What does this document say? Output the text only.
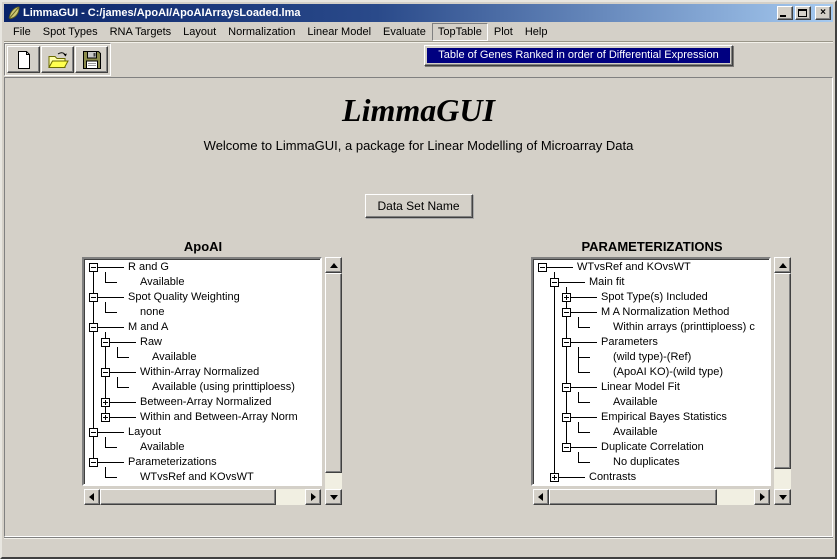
LimmaGUI - C:/james/ApoAI/ApoAIArraysLoaded.lma	×
File	Spot Types	RNA Targets	Layout	Normalization	Linear Model	Evaluate	TopTable	Plot	Help
LimmaGUI
Welcome to LimmaGUI, a package for Linear Modelling of Microarray Data
Data Set Name
ApoAI	PARAMETERIZATIONS
R and G
Available
Spot Quality Weighting
none
M and A
Raw
Available
Within-Array Normalized
Available (using printtiploess)
Between-Array Normalized
Within and Between-Array Norm
Layout
Available
Parameterizations
WTvsRef and KOvsWT
WTvsRef and KOvsWT
Main fit
Spot Type(s) Included
M A Normalization Method
Within arrays (printtiploess) c
Parameters
(wild type)-(Ref)
(ApoAI KO)-(wild type)
Linear Model Fit
Available
Empirical Bayes Statistics
Available
Duplicate Correlation
No duplicates
Contrasts
Table of Genes Ranked in order of Differential Expression
